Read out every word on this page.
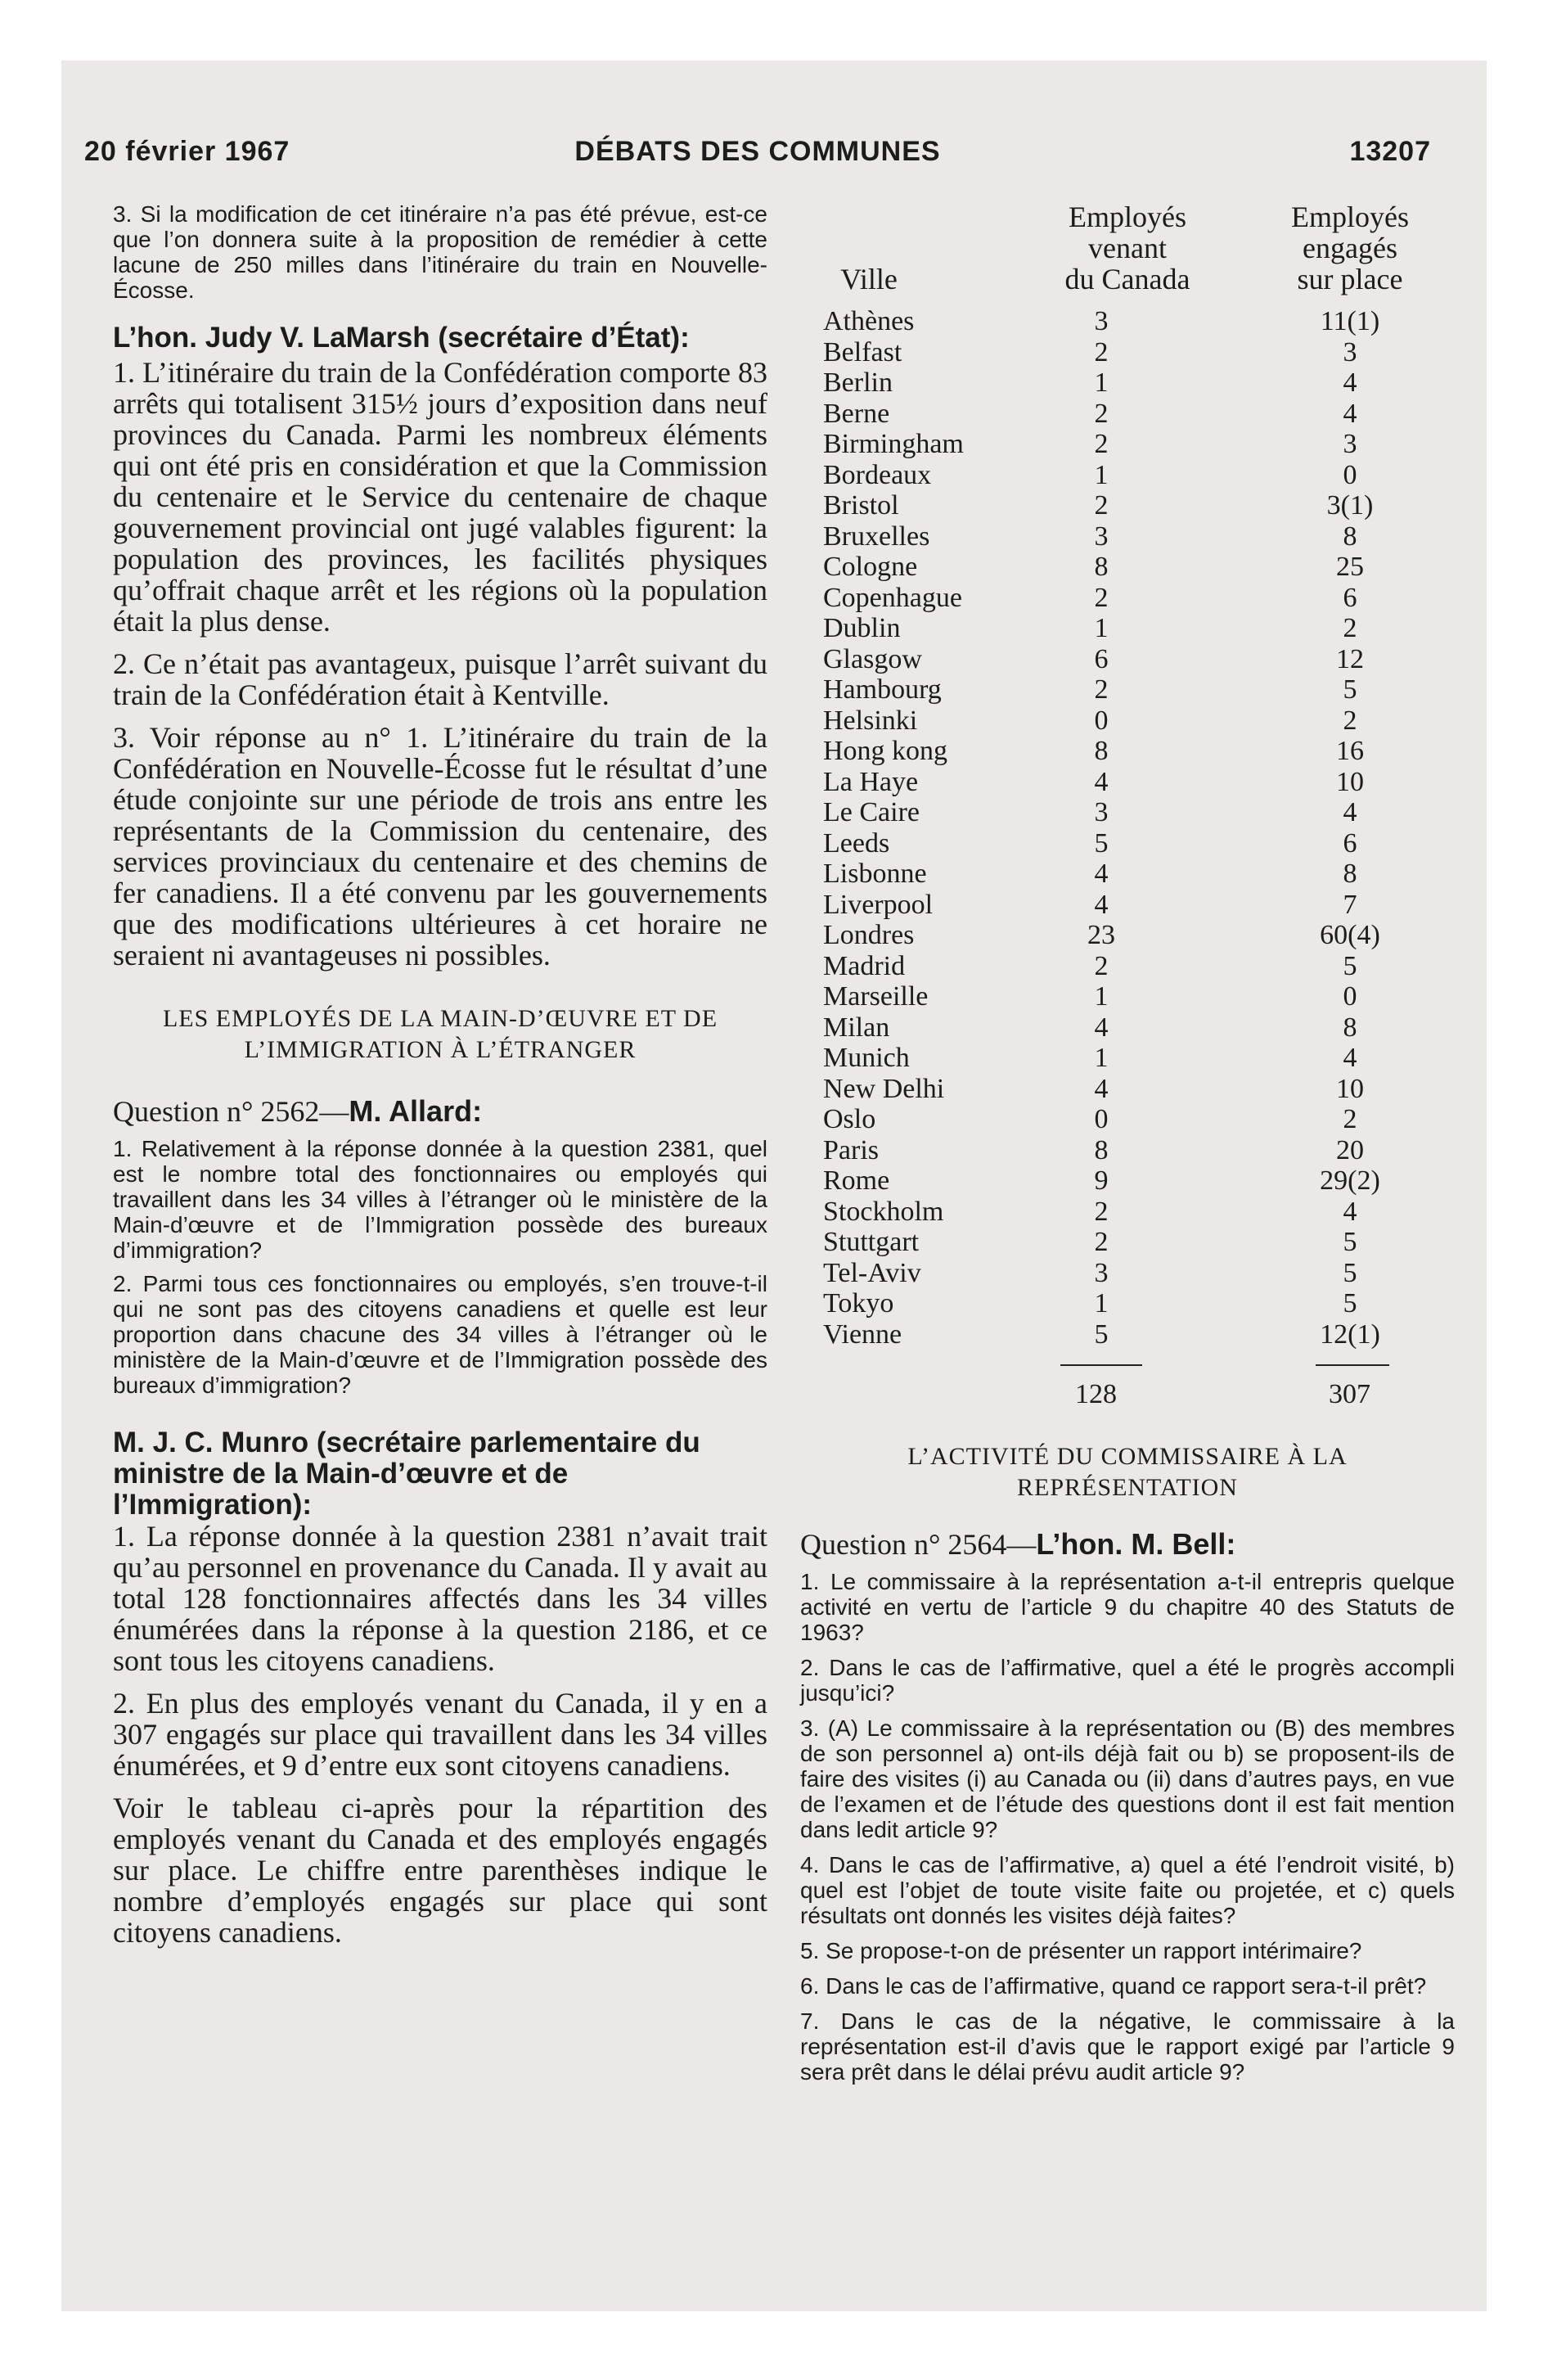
20 février 1967	DÉBATS DES COMMUNES	13207

3. Si la modification de cet itinéraire n’a pas été prévue, est-ce que l’on donnera suite à la proposition de remédier à cette lacune de 250 milles dans l’itinéraire du train en Nouvelle-Écosse.

L’hon. Judy V. LaMarsh (secrétaire d’État):

1. L’itinéraire du train de la Confédération comporte 83 arrêts qui totalisent 315½ jours d’exposition dans neuf provinces du Canada. Parmi les nombreux éléments qui ont été pris en considération et que la Commission du centenaire et le Service du centenaire de chaque gouvernement provincial ont jugé valables figurent: la population des provinces, les facilités physiques qu’offrait chaque arrêt et les régions où la population était la plus dense.

2. Ce n’était pas avantageux, puisque l’arrêt suivant du train de la Confédération était à Kentville.

3. Voir réponse au n° 1. L’itinéraire du train de la Confédération en Nouvelle-Écosse fut le résultat d’une étude conjointe sur une période de trois ans entre les représentants de la Commission du centenaire, des services provinciaux du centenaire et des chemins de fer canadiens. Il a été convenu par les gouvernements que des modifications ultérieures à cet horaire ne seraient ni avantageuses ni possibles.

LES EMPLOYÉS DE LA MAIN-D’ŒUVRE ET DE L’IMMIGRATION À L’ÉTRANGER

Question n° 2562—M. Allard:

1. Relativement à la réponse donnée à la question 2381, quel est le nombre total des fonctionnaires ou employés qui travaillent dans les 34 villes à l’étranger où le ministère de la Main-d’œuvre et de l’Immigration possède des bureaux d’immigration?

2. Parmi tous ces fonctionnaires ou employés, s’en trouve-t-il qui ne sont pas des citoyens canadiens et quelle est leur proportion dans chacune des 34 villes à l’étranger où le ministère de la Main-d’œuvre et de l’Immigration possède des bureaux d’immigration?

M. J. C. Munro (secrétaire parlementaire du ministre de la Main-d’œuvre et de l’Immigration):

1. La réponse donnée à la question 2381 n’avait trait qu’au personnel en provenance du Canada. Il y avait au total 128 fonctionnaires affectés dans les 34 villes énumérées dans la réponse à la question 2186, et ce sont tous les citoyens canadiens.

2. En plus des employés venant du Canada, il y en a 307 engagés sur place qui travaillent dans les 34 villes énumérées, et 9 d’entre eux sont citoyens canadiens.

Voir le tableau ci-après pour la répartition des employés venant du Canada et des employés engagés sur place. Le chiffre entre parenthèses indique le nombre d’employés engagés sur place qui sont citoyens canadiens.

Ville
Employés
venant
du Canada
Employés
engagés
sur place
Athènes	3	11(1)
Belfast	2	3
Berlin	1	4
Berne	2	4
Birmingham	2	3
Bordeaux	1	0
Bristol	2	3(1)
Bruxelles	3	8
Cologne	8	25
Copenhague	2	6
Dublin	1	2
Glasgow	6	12
Hambourg	2	5
Helsinki	0	2
Hong kong	8	16
La Haye	4	10
Le Caire	3	4
Leeds	5	6
Lisbonne	4	8
Liverpool	4	7
Londres	23	60(4)
Madrid	2	5
Marseille	1	0
Milan	4	8
Munich	1	4
New Delhi	4	10
Oslo	0	2
Paris	8	20
Rome	9	29(2)
Stockholm	2	4
Stuttgart	2	5
Tel-Aviv	3	5
Tokyo	1	5
Vienne	5	12(1)
128	307
L’ACTIVITÉ DU COMMISSAIRE À LA REPRÉSENTATION

Question n° 2564—L’hon. M. Bell:

1. Le commissaire à la représentation a-t-il entrepris quelque activité en vertu de l’article 9 du chapitre 40 des Statuts de 1963?

2. Dans le cas de l’affirmative, quel a été le progrès accompli jusqu’ici?

3. (A) Le commissaire à la représentation ou (B) des membres de son personnel a) ont-ils déjà fait ou b) se proposent-ils de faire des visites (i) au Canada ou (ii) dans d’autres pays, en vue de l’examen et de l’étude des questions dont il est fait mention dans ledit article 9?

4. Dans le cas de l’affirmative, a) quel a été l’endroit visité, b) quel est l’objet de toute visite faite ou projetée, et c) quels résultats ont donnés les visites déjà faites?

5. Se propose-t-on de présenter un rapport intérimaire?

6. Dans le cas de l’affirmative, quand ce rapport sera-t-il prêt?

7. Dans le cas de la négative, le commissaire à la représentation est-il d’avis que le rapport exigé par l’article 9 sera prêt dans le délai prévu audit article 9?
